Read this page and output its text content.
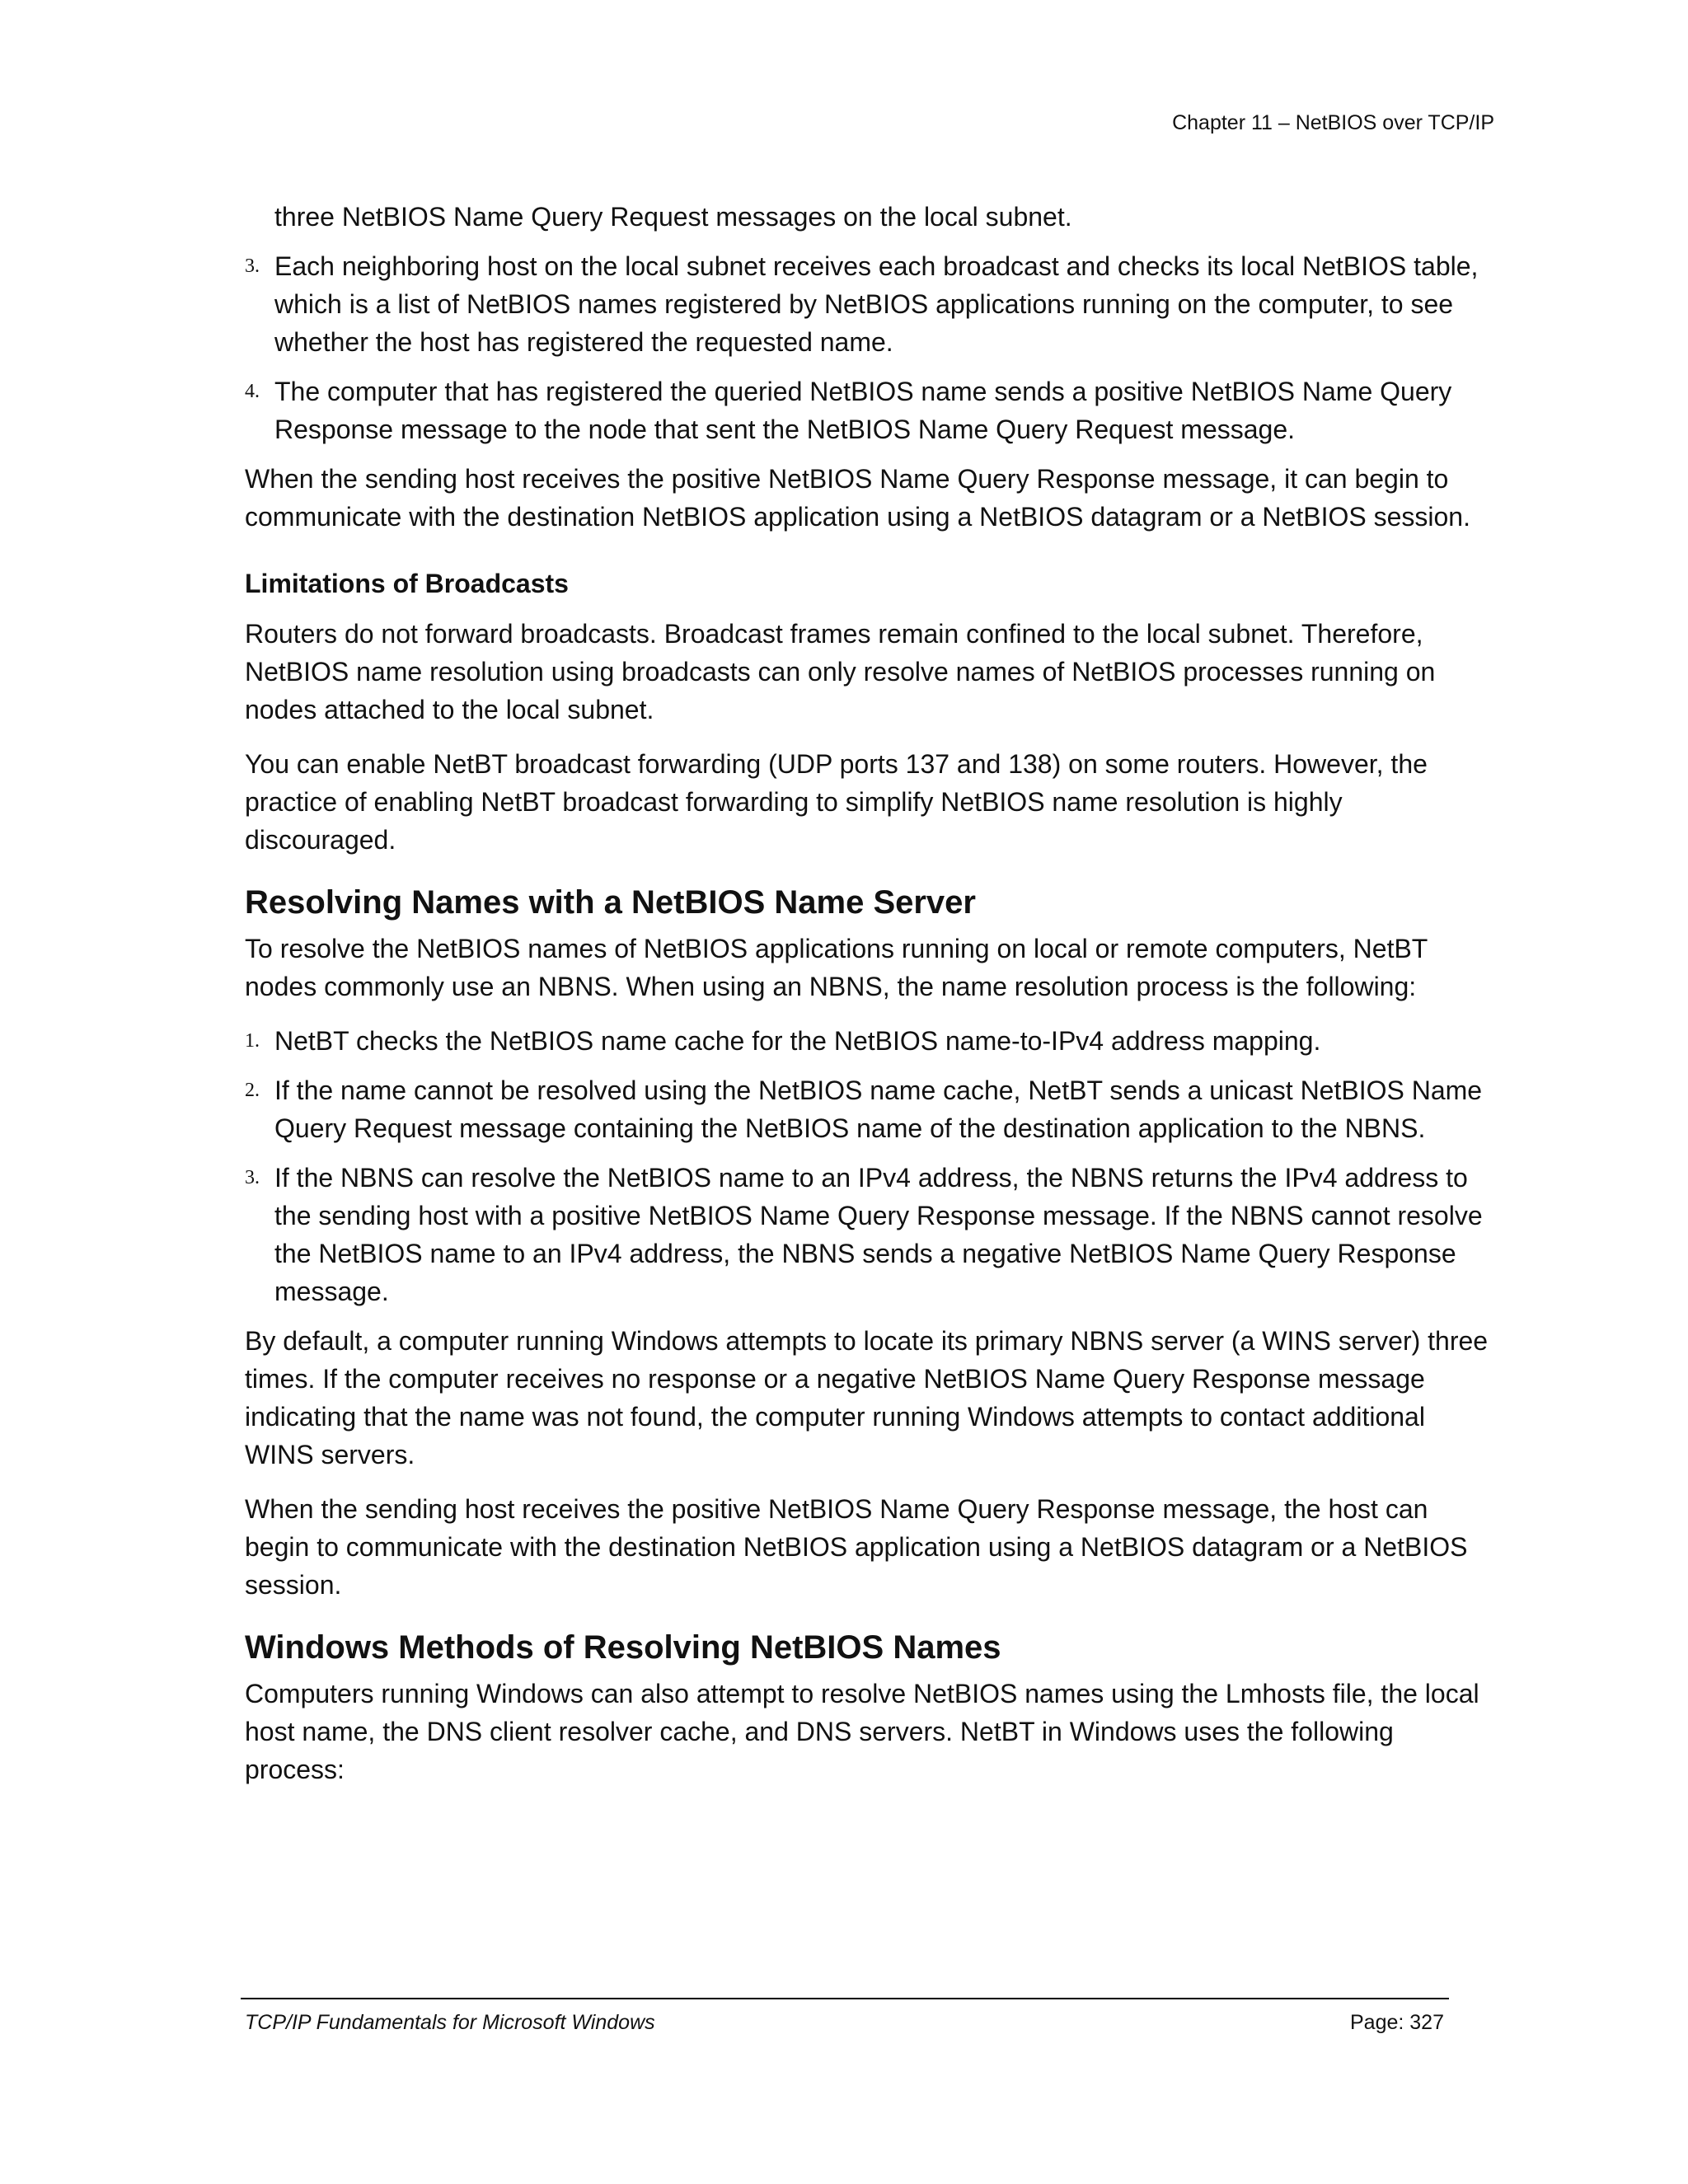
Chapter 11 – NetBIOS over TCP/IP

three NetBIOS Name Query Request messages on the local subnet.

3. Each neighboring host on the local subnet receives each broadcast and checks its local NetBIOS table, which is a list of NetBIOS names registered by NetBIOS applications running on the computer, to see whether the host has registered the requested name.
4. The computer that has registered the queried NetBIOS name sends a positive NetBIOS Name Query Response message to the node that sent the NetBIOS Name Query Request message.

When the sending host receives the positive NetBIOS Name Query Response message, it can begin to communicate with the destination NetBIOS application using a NetBIOS datagram or a NetBIOS session.

Limitations of Broadcasts

Routers do not forward broadcasts. Broadcast frames remain confined to the local subnet. Therefore, NetBIOS name resolution using broadcasts can only resolve names of NetBIOS processes running on nodes attached to the local subnet.

You can enable NetBT broadcast forwarding (UDP ports 137 and 138) on some routers. However, the practice of enabling NetBT broadcast forwarding to simplify NetBIOS name resolution is highly discouraged.

Resolving Names with a NetBIOS Name Server

To resolve the NetBIOS names of NetBIOS applications running on local or remote computers, NetBT nodes commonly use an NBNS. When using an NBNS, the name resolution process is the following:

1. NetBT checks the NetBIOS name cache for the NetBIOS name-to-IPv4 address mapping.
2. If the name cannot be resolved using the NetBIOS name cache, NetBT sends a unicast NetBIOS Name Query Request message containing the NetBIOS name of the destination application to the NBNS.
3. If the NBNS can resolve the NetBIOS name to an IPv4 address, the NBNS returns the IPv4 address to the sending host with a positive NetBIOS Name Query Response message. If the NBNS cannot resolve the NetBIOS name to an IPv4 address, the NBNS sends a negative NetBIOS Name Query Response message.

By default, a computer running Windows attempts to locate its primary NBNS server (a WINS server) three times. If the computer receives no response or a negative NetBIOS Name Query Response message indicating that the name was not found, the computer running Windows attempts to contact additional WINS servers.

When the sending host receives the positive NetBIOS Name Query Response message, the host can begin to communicate with the destination NetBIOS application using a NetBIOS datagram or a NetBIOS session.

Windows Methods of Resolving NetBIOS Names

Computers running Windows can also attempt to resolve NetBIOS names using the Lmhosts file, the local host name, the DNS client resolver cache, and DNS servers. NetBT in Windows uses the following process:

TCP/IP Fundamentals for Microsoft Windows	Page: 327
